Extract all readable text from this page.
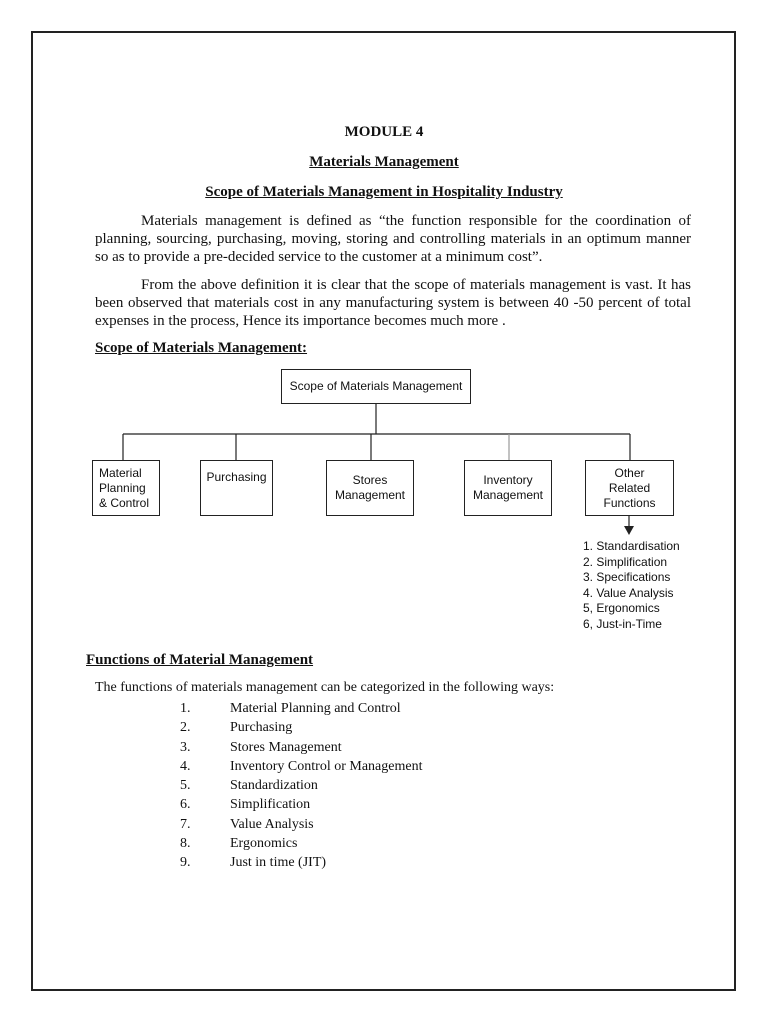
MODULE 4
Materials Management
Scope of Materials Management in Hospitality Industry
Materials management is defined as “the function responsible for the coordination of planning, sourcing, purchasing, moving, storing and controlling materials in an optimum manner so as to provide a pre-decided service to the customer at a minimum cost”.
From the above definition it is clear that the scope of materials management is vast. It has been observed that materials cost in any manufacturing system is between 40 -50 percent of total expenses in the process, Hence its importance becomes much more .
Scope of Materials Management:
Scope of Materials Management
Material
Planning
& Control
Purchasing	Stores
Management
Inventory
Management
Other
Related
Functions
1. Standardisation
2. Simplification
3. Specifications
4. Value Analysis
5, Ergonomics
6, Just-in-Time
Functions of Material Management
The functions of materials management can be categorized in the following ways:
1.	Material Planning and Control
2.	Purchasing
3.	Stores Management
4.	Inventory Control or Management
5.	Standardization
6.	Simplification
7.	Value Analysis
8.	Ergonomics
9.	Just in time (JIT)
